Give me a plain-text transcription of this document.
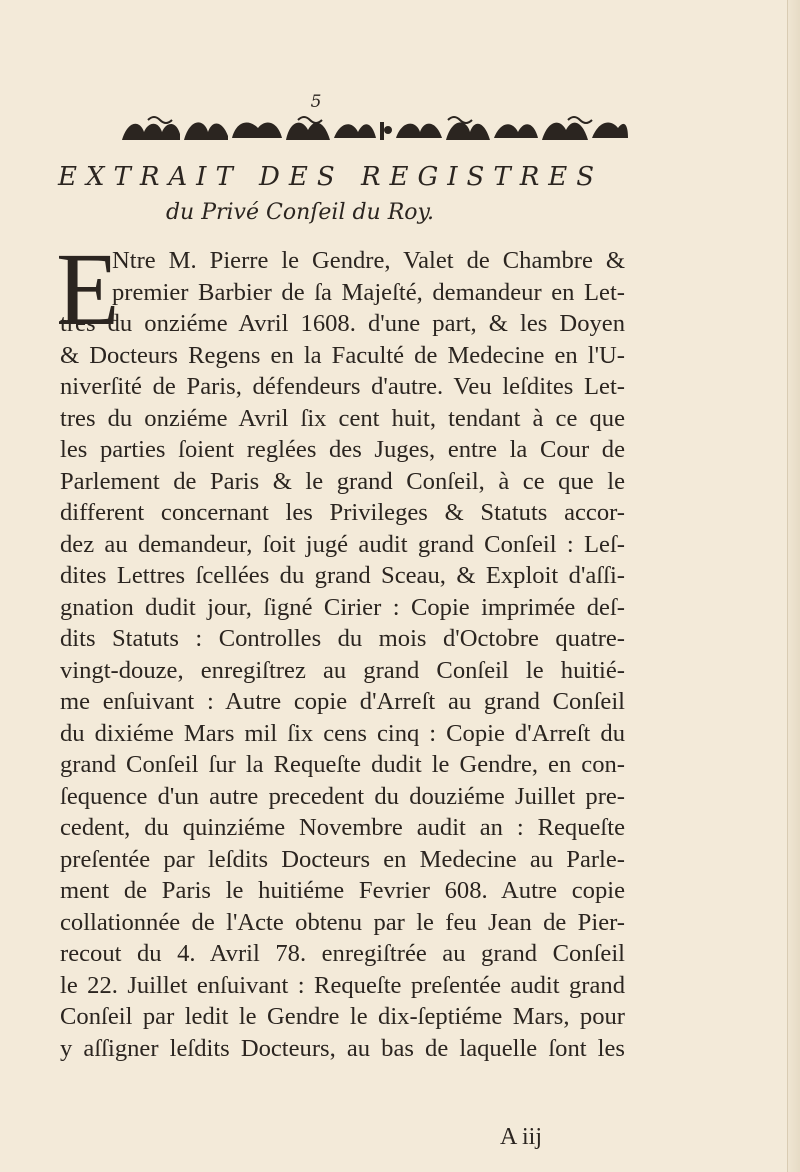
5
EXTRAIT DES REGISTRES
du Privé Conſeil du Roy.
E
Ntre M. Pierre le Gendre, Valet de Chambre &
premier Barbier de ſa Majeſté, demandeur en Let-
tres du onziéme Avril 1608. d'une part, & les Doyen
& Docteurs Regens en la Faculté de Medecine en l'U-
niverſité de Paris, défendeurs d'autre. Veu leſdites Let-
tres du onziéme Avril ſix cent huit, tendant à ce que
les parties ſoient reglées des Juges, entre la Cour de
Parlement de Paris & le grand Conſeil, à ce que le
different concernant les Privileges & Statuts accor-
dez au demandeur, ſoit jugé audit grand Conſeil : Leſ-
dites Lettres ſcellées du grand Sceau, & Exploit d'aſſi-
gnation dudit jour, ſigné Cirier : Copie imprimée deſ-
dits Statuts : Controlles du mois d'Octobre quatre-
vingt-douze, enregiſtrez au grand Conſeil le huitié-
me enſuivant : Autre copie d'Arreſt au grand Conſeil
du dixiéme Mars mil ſix cens cinq : Copie d'Arreſt du
grand Conſeil ſur la Requeſte dudit le Gendre, en con-
ſequence d'un autre precedent du douziéme Juillet pre-
cedent, du quinziéme Novembre audit an : Requeſte
preſentée par leſdits Docteurs en Medecine au Parle-
ment de Paris le huitiéme Fevrier 608. Autre copie
collationnée de l'Acte obtenu par le feu Jean de Pier-
recout du 4. Avril 78. enregiſtrée au grand Conſeil
le 22. Juillet enſuivant : Requeſte preſentée audit grand
Conſeil par ledit le Gendre le dix-ſeptiéme Mars, pour
y aſſigner leſdits Docteurs, au bas de laquelle ſont les
A iij
